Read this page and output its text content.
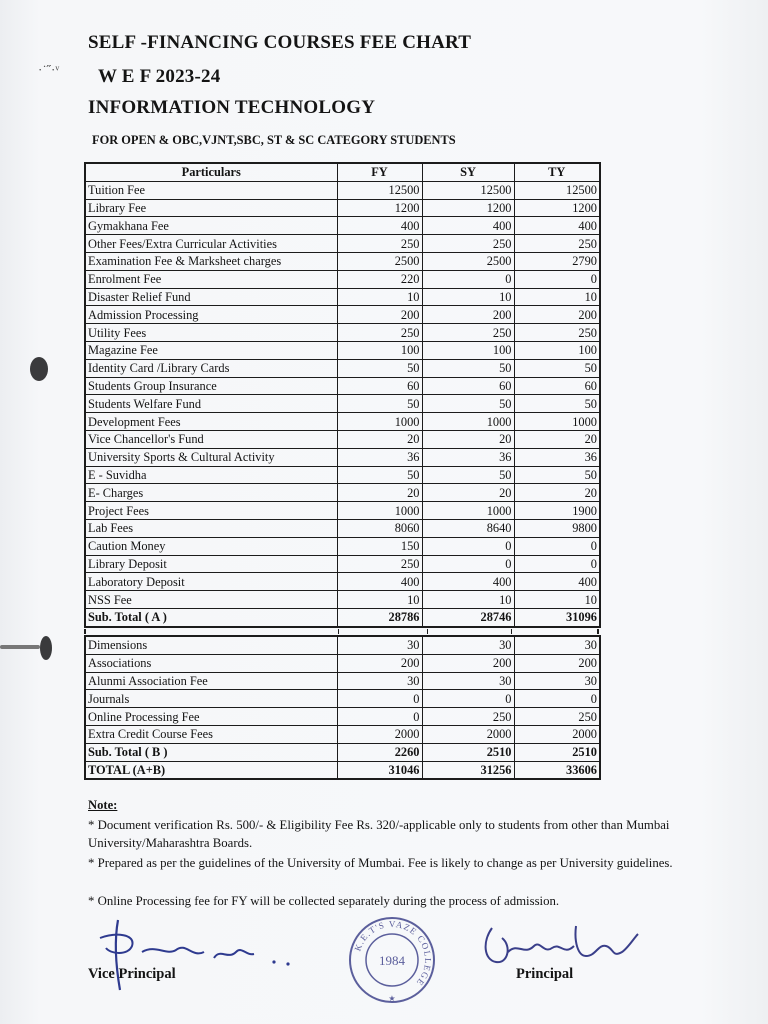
SELF -FINANCING COURSES FEE CHART
·˙˝·ᵛ W E F 2023-24
INFORMATION TECHNOLOGY
FOR OPEN & OBC,VJNT,SBC, ST & SC CATEGORY STUDENTS
Particulars	FY	SY	TY
Tuition Fee	12500	12500	12500
Library Fee	1200	1200	1200
Gymakhana Fee	400	400	400
Other Fees/Extra Curricular Activities	250	250	250
Examination Fee & Marksheet charges	2500	2500	2790
Enrolment Fee	220	0	0
Disaster Relief Fund	10	10	10
Admission Processing	200	200	200
Utility Fees	250	250	250
Magazine Fee	100	100	100
Identity Card /Library Cards	50	50	50
Students Group Insurance	60	60	60
Students Welfare Fund	50	50	50
Development Fees	1000	1000	1000
Vice Chancellor's Fund	20	20	20
University Sports & Cultural Activity	36	36	36
E - Suvidha	50	50	50
E- Charges	20	20	20
Project Fees	1000	1000	1900
Lab Fees	8060	8640	9800
Caution Money	150	0	0
Library Deposit	250	0	0
Laboratory Deposit	400	400	400
NSS Fee	10	10	10
Sub. Total ( A )	28786	28746	31096
Dimensions	30	30	30
Associations	200	200	200
Alunmi Association Fee	30	30	30
Journals	0	0	0
Online Processing Fee	0	250	250
Extra Credit Course Fees	2000	2000	2000
Sub. Total ( B )	2260	2510	2510
TOTAL (A+B)	31046	31256	33606
Note:
* Document verification Rs. 500/- & Eligibility Fee Rs. 320/-applicable only to students from other than Mumbai University/Maharashtra Boards.
* Prepared as per the guidelines of the University of Mumbai. Fee is likely to change as per University guidelines.
* Online Processing fee for FY will be collected separately during the process of admission.
Vice Principal
K.E.T'S VAZE COLLEGE
1984
★
Principal
